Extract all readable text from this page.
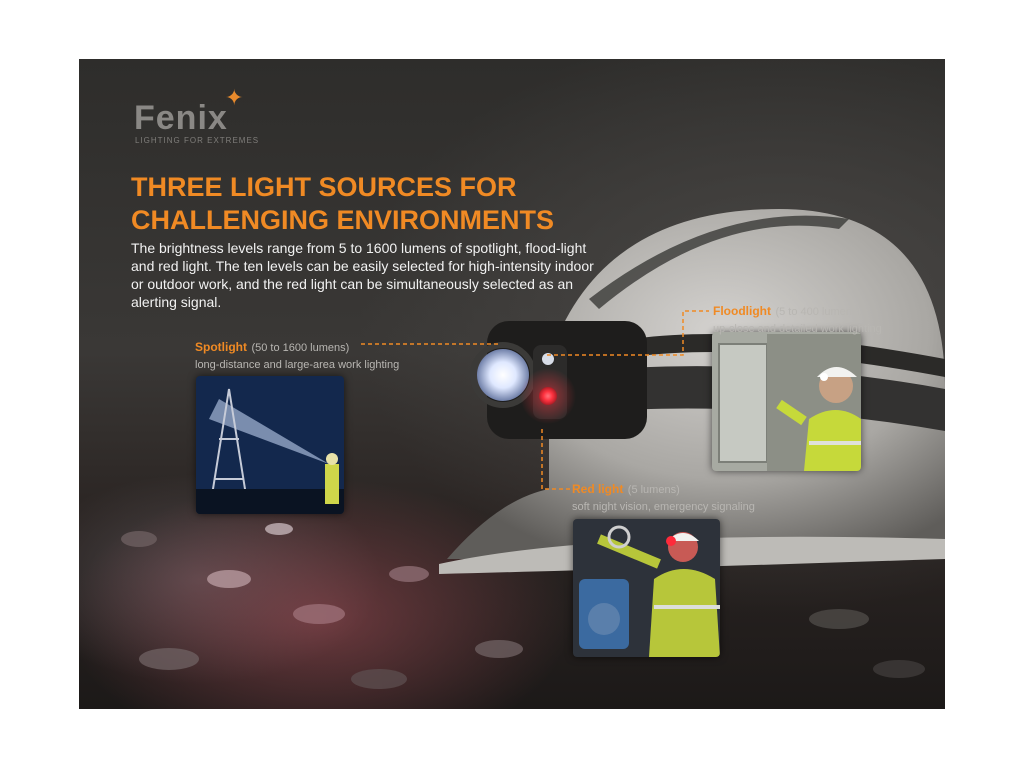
Fenix
✦
LIGHTING FOR EXTREMES
THREE LIGHT SOURCES FOR
CHALLENGING ENVIRONMENTS

The brightness levels range from 5 to 1600 lumens of spotlight, flood-light and red light. The ten levels can be easily selected for high-intensity indoor or outdoor work, and the red light can be simultaneously selected as an alerting signal.

Spotlight (50 to 1600 lumens)
long-distance and large-area work lighting
Floodlight (5 to 400 lumens)
up-close and detailed work lighting
Red light (5 lumens)
soft night vision, emergency signaling
